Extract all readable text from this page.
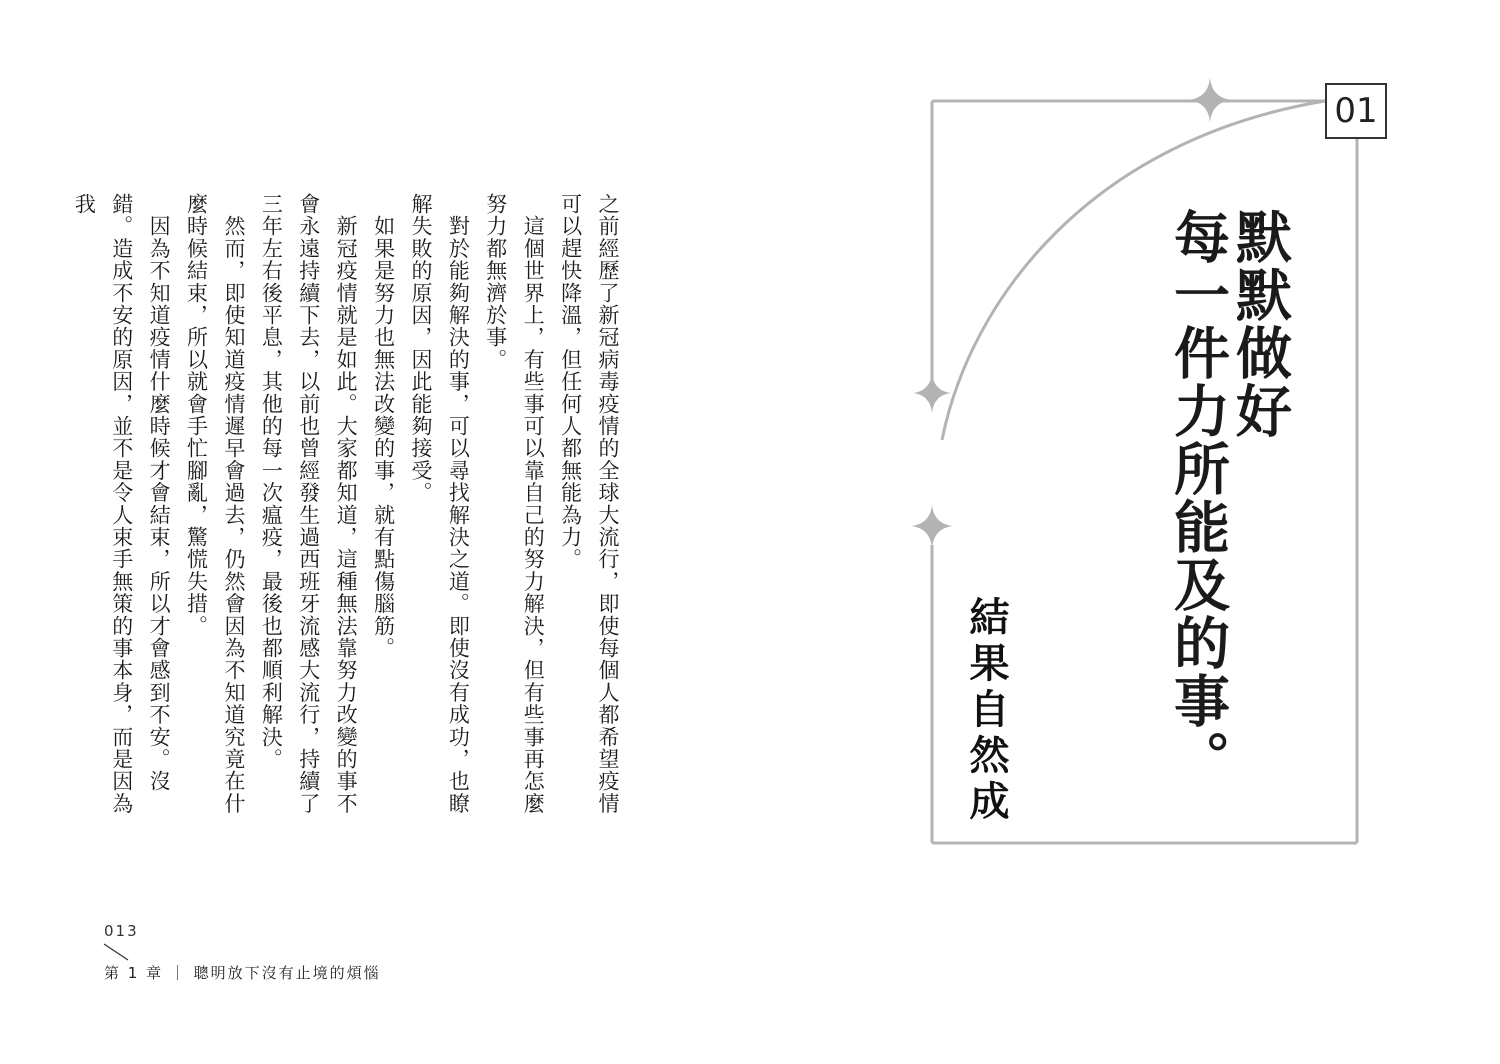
之前經歷了新冠病毒疫情的全球大流行，即使每個人都希望疫情可以趕快降溫，但任何人都無能為力。

　這個世界上，有些事可以靠自己的努力解決，但有些事再怎麼努力都無濟於事。

　對於能夠解決的事，可以尋找解決之道。即使沒有成功，也瞭解失敗的原因，因此能夠接受。

　如果是努力也無法改變的事，就有點傷腦筋。

　新冠疫情就是如此。大家都知道，這種無法靠努力改變的事不會永遠持續下去，以前也曾經發生過西班牙流感大流行，持續了三年左右後平息，其他的每一次瘟疫，最後也都順利解決。

　然而，即使知道疫情遲早會過去，仍然會因為不知道究竟在什麼時候結束，所以就會手忙腳亂，驚慌失措。

　因為不知道疫情什麼時候才會結束，所以才會感到不安。沒錯。造成不安的原因，並不是令人束手無策的事本身，而是因為我

013
第 1 章 ｜ 聰明放下沒有止境的煩惱
01
默默做好
每一件力所能及的事。
結果自然成
